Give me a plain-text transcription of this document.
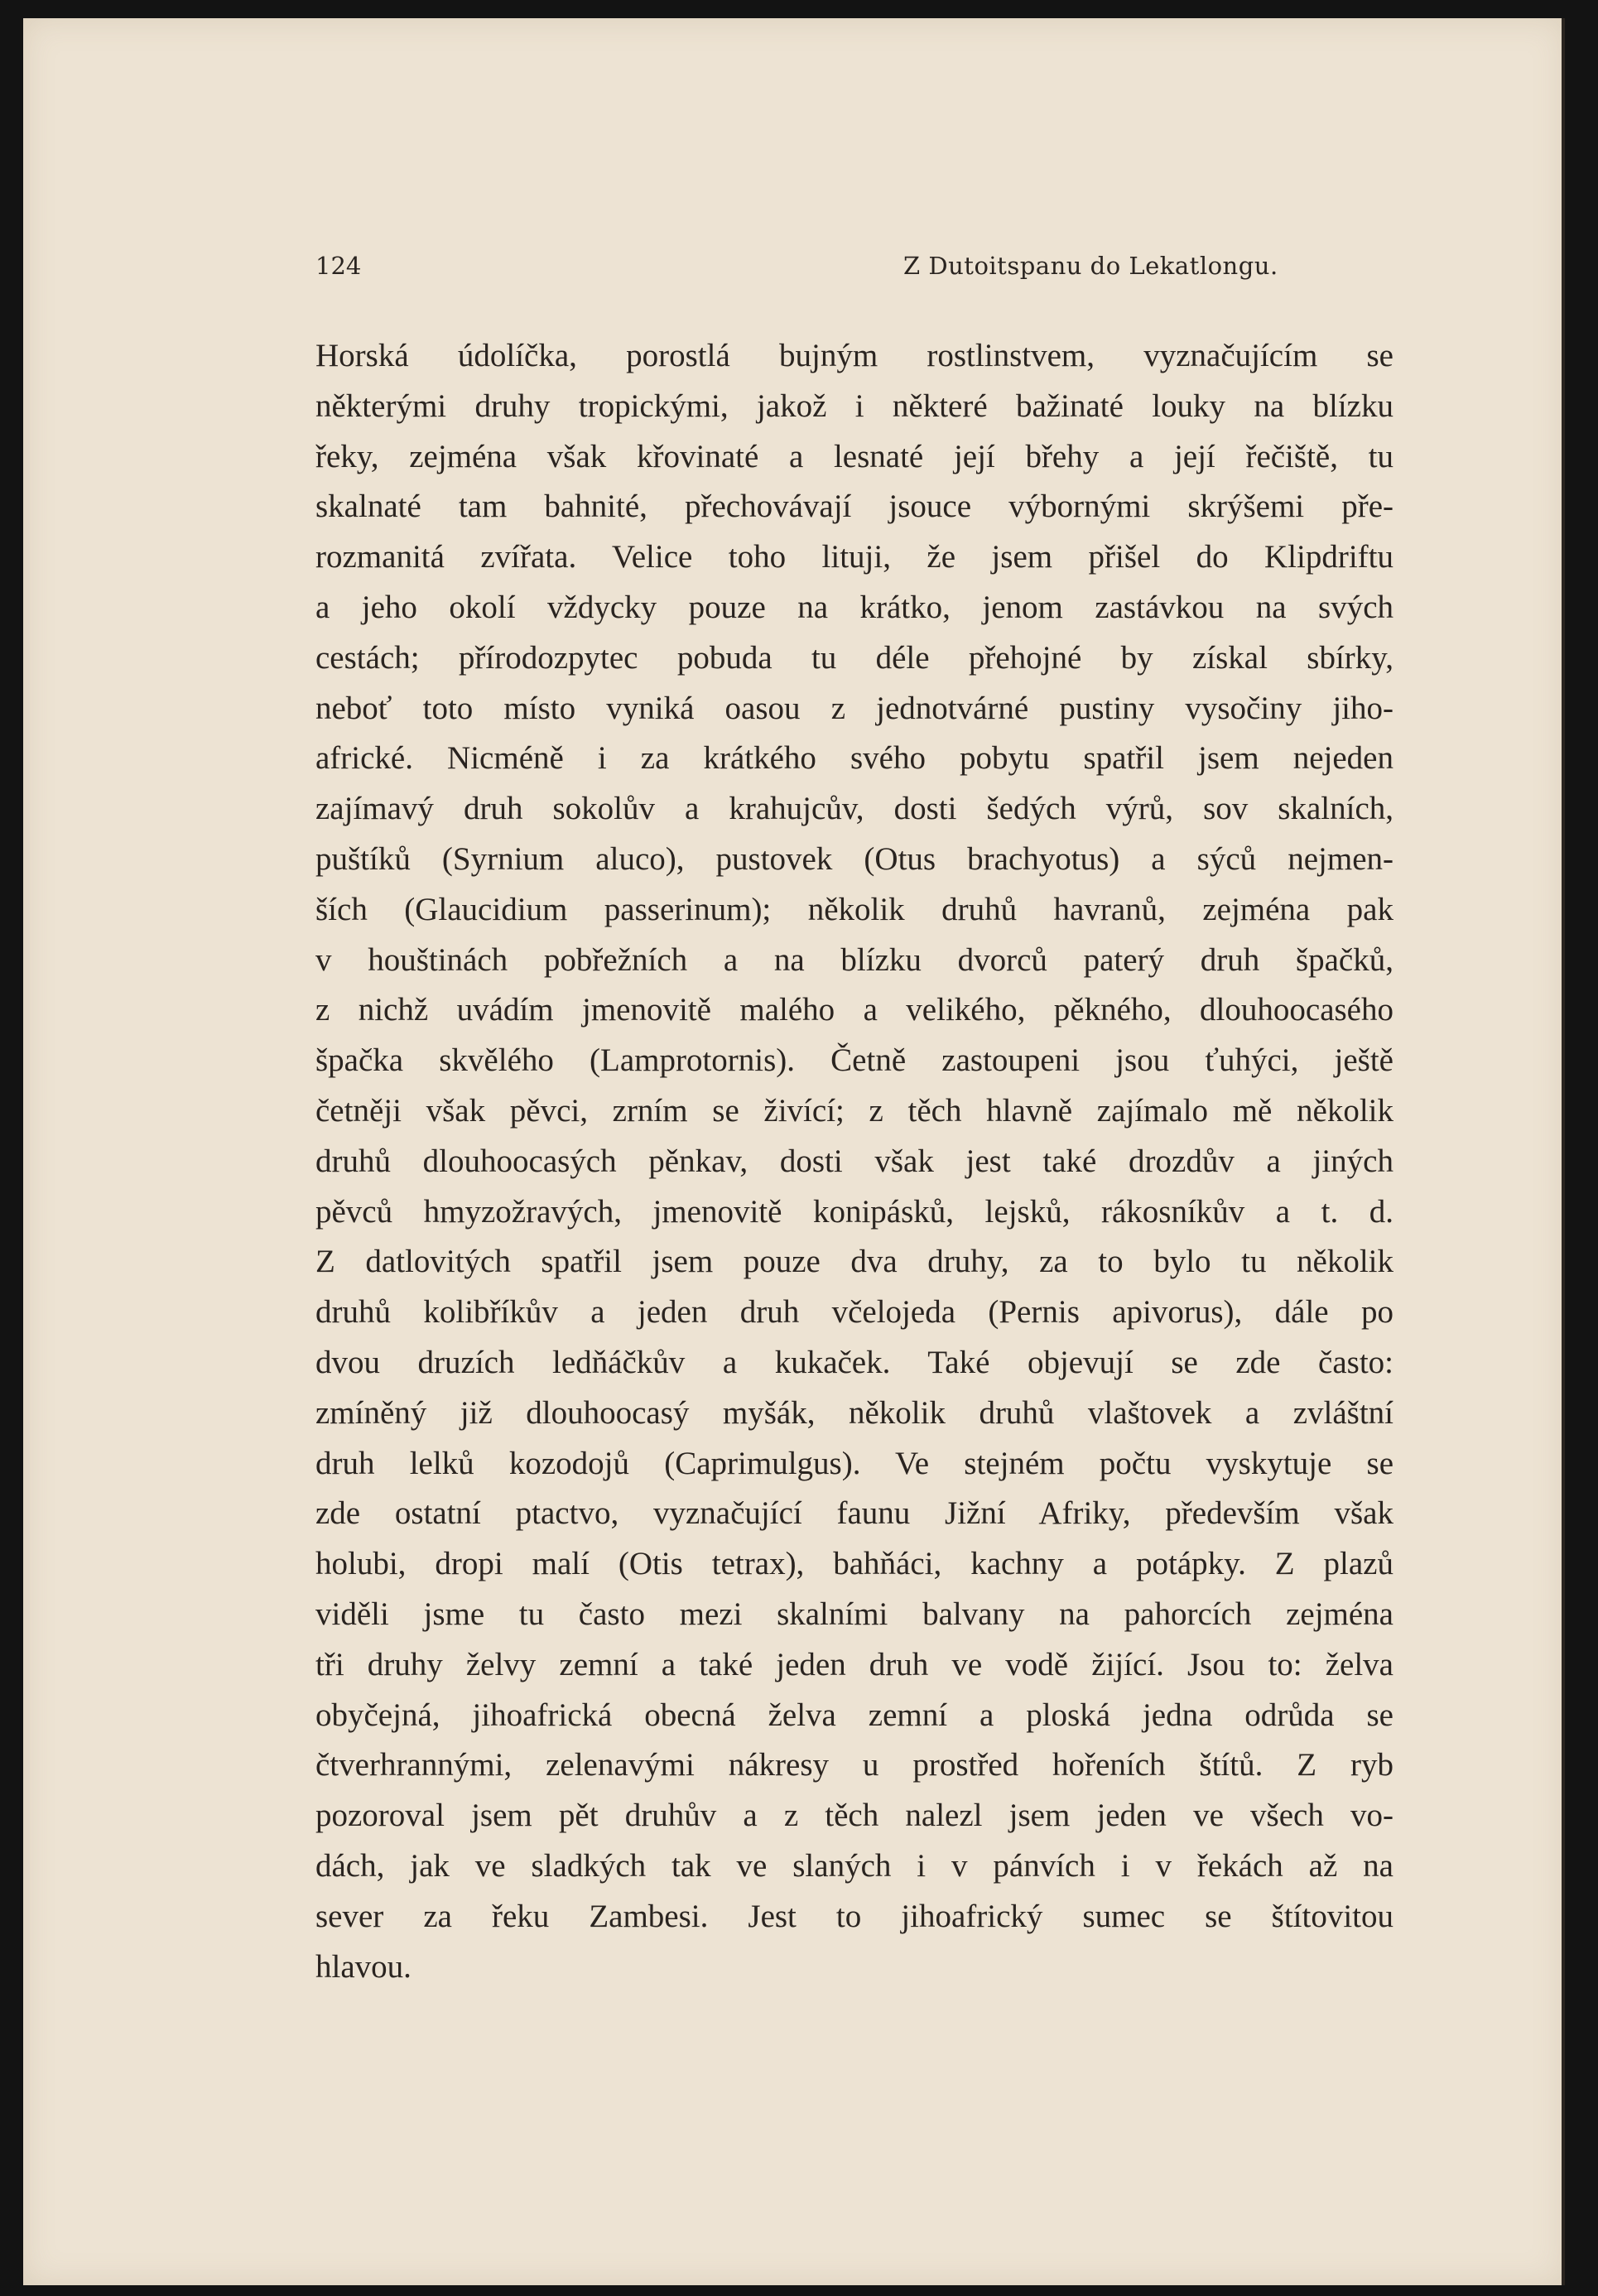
124	Z Dutoitspanu do Lekatlongu.
Horská údolíčka, porostlá bujným rostlinstvem, vyznačujícím se
některými druhy tropickými, jakož i některé bažinaté louky na blízku
řeky, zejména však křovinaté a lesnaté její břehy a její řečiště, tu
skalnaté tam bahnité, přechovávají jsouce výbornými skrýšemi pře-
rozmanitá zvířata. Velice toho lituji, že jsem přišel do Klipdriftu
a jeho okolí vždycky pouze na krátko, jenom zastávkou na svých
cestách; přírodozpytec pobuda tu déle přehojné by získal sbírky,
neboť toto místo vyniká oasou z jednotvárné pustiny vysočiny jiho-
africké. Nicméně i za krátkého svého pobytu spatřil jsem nejeden
zajímavý druh sokolův a krahujcův, dosti šedých výrů, sov skalních,
puštíků (Syrnium aluco), pustovek (Otus brachyotus) a sýců nejmen-
ších (Glaucidium passerinum); několik druhů havranů, zejména pak
v houštinách pobřežních a na blízku dvorců paterý druh špačků,
z nichž uvádím jmenovitě malého a velikého, pěkného, dlouhoocasého
špačka skvělého (Lamprotornis). Četně zastoupeni jsou ťuhýci, ještě
četněji však pěvci, zrním se živící; z těch hlavně zajímalo mě několik
druhů dlouhoocasých pěnkav, dosti však jest také drozdův a jiných
pěvců hmyzožravých, jmenovitě konipásků, lejsků, rákosníkův a t. d.
Z datlovitých spatřil jsem pouze dva druhy, za to bylo tu několik
druhů kolibříkův a jeden druh včelojeda (Pernis apivorus), dále po
dvou druzích ledňáčkův a kukaček. Také objevují se zde často:
zmíněný již dlouhoocasý myšák, několik druhů vlaštovek a zvláštní
druh lelků kozodojů (Caprimulgus). Ve stejném počtu vyskytuje se
zde ostatní ptactvo, vyznačující faunu Jižní Afriky, především však
holubi, dropi malí (Otis tetrax), bahňáci, kachny a potápky. Z plazů
viděli jsme tu často mezi skalními balvany na pahorcích zejména
tři druhy želvy zemní a také jeden druh ve vodě žijící. Jsou to: želva
obyčejná, jihoafrická obecná želva zemní a ploská jedna odrůda se
čtverhrannými, zelenavými nákresy u prostřed hořeních štítů. Z ryb
pozoroval jsem pět druhův a z těch nalezl jsem jeden ve všech vo-
dách, jak ve sladkých tak ve slaných i v pánvích i v řekách až na
sever za řeku Zambesi. Jest to jihoafrický sumec se štítovitou
hlavou.
